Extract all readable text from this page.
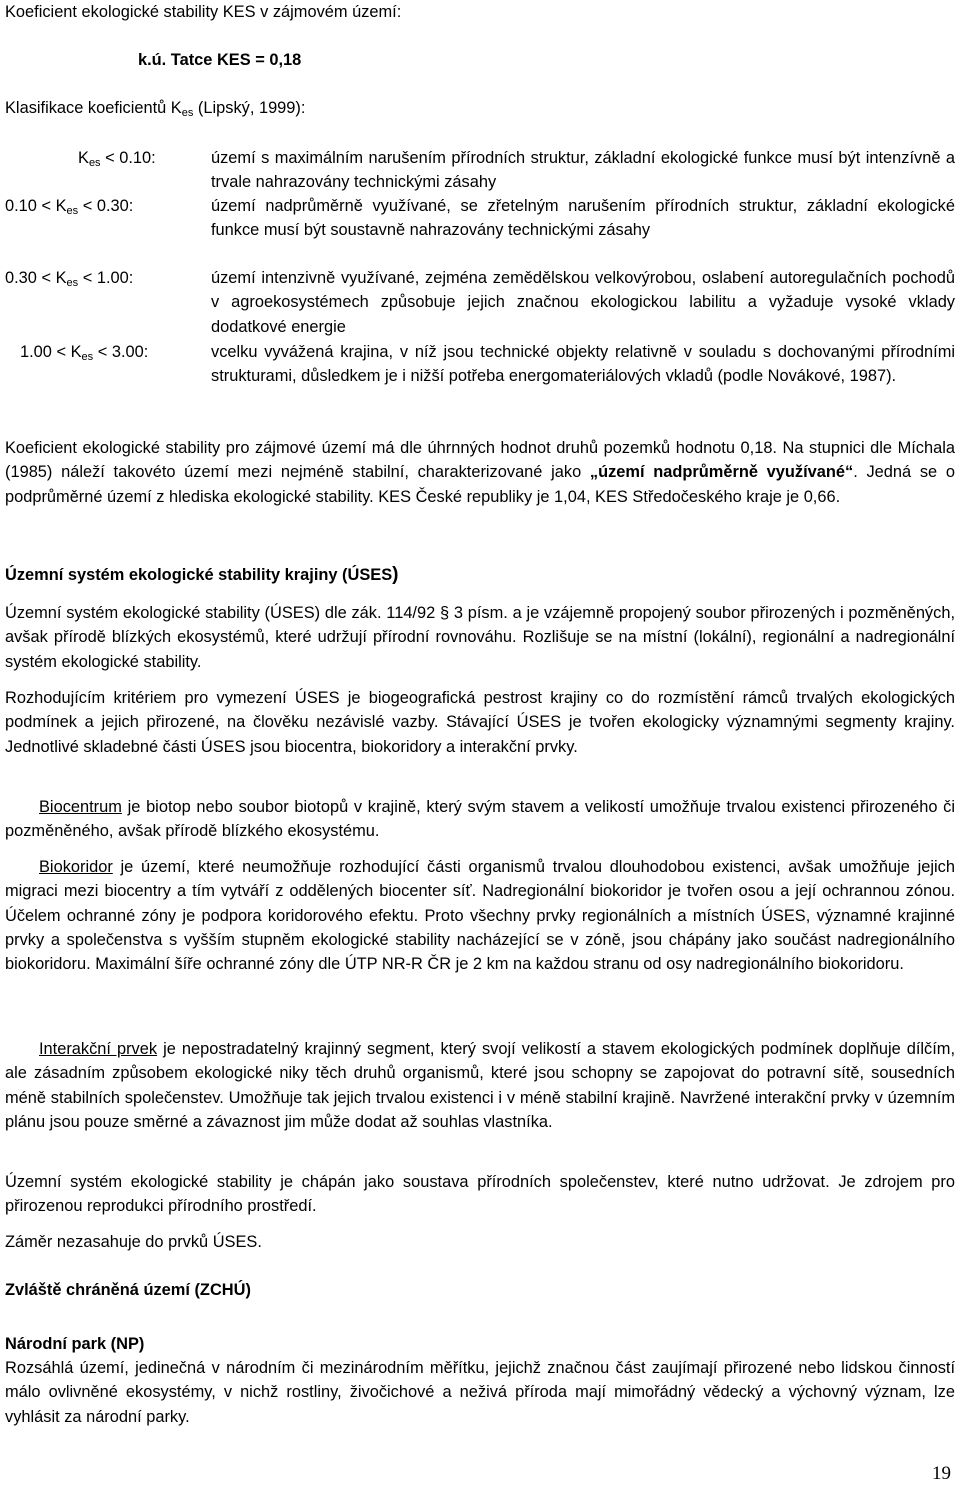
Koeficient ekologické stability KES v zájmovém území:
k.ú. Tatce KES = 0,18
Klasifikace koeficientů $K_{es}$ (Lipský, 1999):
$K_{es} < 0.10$:	území s maximálním narušením přírodních struktur, základní ekologické funkce musí být intenzívně a trvale nahrazovány technickými zásahy
$0.10 < K_{es} < 0.30$:	území nadprůměrně využívané, se zřetelným narušením přírodních struktur, základní ekologické funkce musí být soustavně nahrazovány technickými zásahy
$0.30 < K_{es} < 1.00$:	území intenzivně využívané, zejména zemědělskou velkovýrobou, oslabení autoregulačních pochodů v agroekosystémech způsobuje jejich značnou ekologickou labilitu a vyžaduje vysoké vklady dodatkové energie
$1.00 < K_{es} < 3.00$:	vcelku vyvážená krajina, v níž jsou technické objekty relativně v souladu s dochovanými přírodními strukturami, důsledkem je i nižší potřeba energomateriálových vkladů (podle Novákové, 1987).
Koeficient ekologické stability pro zájmové území má dle úhrnných hodnot druhů pozemků hodnotu 0,18. Na stupnici dle Míchala (1985) náleží takovéto území mezi nejméně stabilní, charakterizované jako „území nadprůměrně využívané“. Jedná se o podprůměrné území z hlediska ekologické stability. KES České republiky je 1,04, KES Středočeského kraje je 0,66.
Územní systém ekologické stability krajiny (ÚSES)
Územní systém ekologické stability (ÚSES) dle zák. 114/92 § 3 písm. a je vzájemně propojený soubor přirozených i pozměněných, avšak přírodě blízkých ekosystémů, které udržují přírodní rovnováhu. Rozlišuje se na místní (lokální), regionální a nadregionální systém ekologické stability.
Rozhodujícím kritériem pro vymezení ÚSES je biogeografická pestrost krajiny co do rozmístění rámců trvalých ekologických podmínek a jejich přirozené, na člověku nezávislé vazby. Stávající ÚSES je tvořen ekologicky významnými segmenty krajiny. Jednotlivé skladebné části ÚSES jsou biocentra, biokoridory a interakční prvky.
Biocentrum je biotop nebo soubor biotopů v krajině, který svým stavem a velikostí umožňuje trvalou existenci přirozeného či pozměněného, avšak přírodě blízkého ekosystému.
Biokoridor je území, které neumožňuje rozhodující části organismů trvalou dlouhodobou existenci, avšak umožňuje jejich migraci mezi biocentry a tím vytváří z oddělených biocenter síť. Nadregionální biokoridor je tvořen osou a její ochrannou zónou. Účelem ochranné zóny je podpora koridorového efektu. Proto všechny prvky regionálních a místních ÚSES, významné krajinné prvky a společenstva s vyšším stupněm ekologické stability nacházející se v zóně, jsou chápány jako součást nadregionálního biokoridoru. Maximální šíře ochranné zóny dle ÚTP NR-R ČR je 2 km na každou stranu od osy nadregionálního biokoridoru.
Interakční prvek je nepostradatelný krajinný segment, který svojí velikostí a stavem ekologických podmínek doplňuje dílčím, ale zásadním způsobem ekologické niky těch druhů organismů, které jsou schopny se zapojovat do potravní sítě, sousedních méně stabilních společenstev. Umožňuje tak jejich trvalou existenci i v méně stabilní krajině. Navržené interakční prvky v územním plánu jsou pouze směrné a závaznost jim může dodat až souhlas vlastníka.
Územní systém ekologické stability je chápán jako soustava přírodních společenstev, které nutno udržovat. Je zdrojem pro přirozenou reprodukci přírodního prostředí.
Záměr nezasahuje do prvků ÚSES.
Zvláště chráněná území (ZCHÚ)
Národní park (NP)
Rozsáhlá území, jedinečná v národním či mezinárodním měřítku, jejichž značnou část zaujímají přirozené nebo lidskou činností málo ovlivněné ekosystémy, v nichž rostliny, živočichové a neživá příroda mají mimořádný vědecký a výchovný význam, lze vyhlásit za národní parky.
19
